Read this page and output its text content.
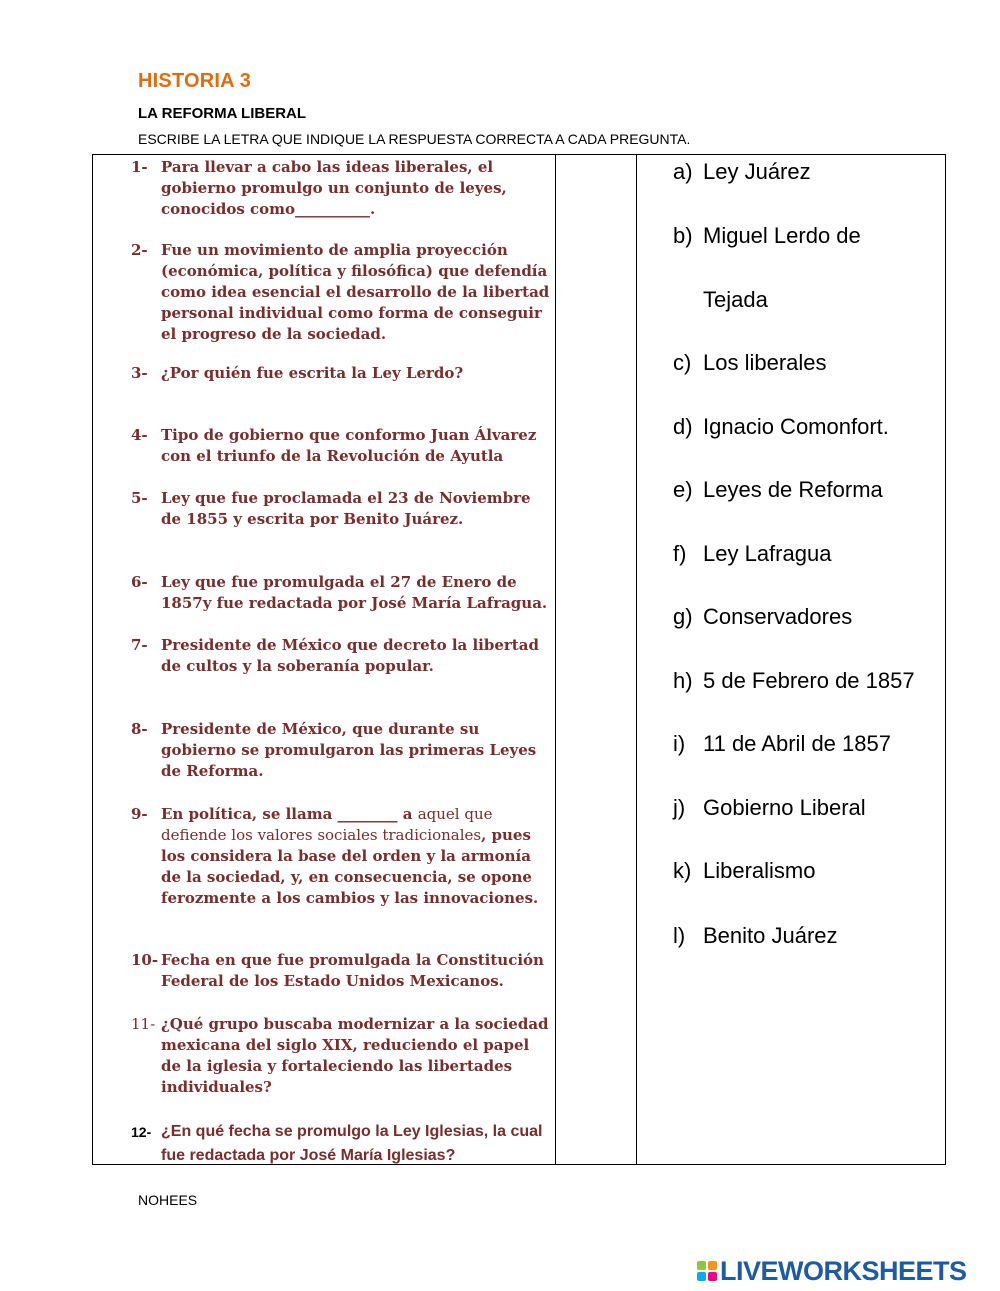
HISTORIA 3
LA REFORMA LIBERAL
ESCRIBE LA LETRA QUE INDIQUE LA RESPUESTA CORRECTA A CADA PREGUNTA.
1- Para llevar a cabo las ideas liberales, el gobierno promulgo un conjunto de leyes, conocidos como__________.
2- Fue un movimiento de amplia proyección (económica, política y filosófica) que defendía como idea esencial el desarrollo de la libertad personal individual como forma de conseguir el progreso de la sociedad.
3- ¿Por quién fue escrita la Ley Lerdo?
4- Tipo de gobierno que conformo Juan Álvarez con el triunfo de la Revolución de Ayutla
5- Ley que fue proclamada el 23 de Noviembre de 1855 y escrita por Benito Juárez.
6- Ley que fue promulgada el 27 de Enero de 1857y fue redactada por José María Lafragua.
7- Presidente de México que decreto la libertad de cultos y la soberanía popular.
8- Presidente de México, que durante su gobierno se promulgaron las primeras Leyes de Reforma.
9- En política, se llama ________ a aquel que defiende los valores sociales tradicionales, pues los considera la base del orden y la armonía de la sociedad, y, en consecuencia, se opone ferozmente a los cambios y las innovaciones.
10- Fecha en que fue promulgada la Constitución Federal de los Estado Unidos Mexicanos.
11- ¿Qué grupo buscaba modernizar a la sociedad mexicana del siglo XIX, reduciendo el papel de la iglesia y fortaleciendo las libertades individuales?
12- ¿En qué fecha se promulgo la Ley Iglesias, la cual fue redactada por José María Iglesias?
a) Ley Juárez
b) Miguel Lerdo de
Tejada
c) Los liberales
d) Ignacio Comonfort.
e) Leyes de Reforma
f) Ley Lafragua
g) Conservadores
h) 5 de Febrero de 1857
i) 11 de Abril de 1857
j) Gobierno Liberal
k) Liberalismo
l) Benito Juárez
NOHEES
LIVEWORKSHEETS
